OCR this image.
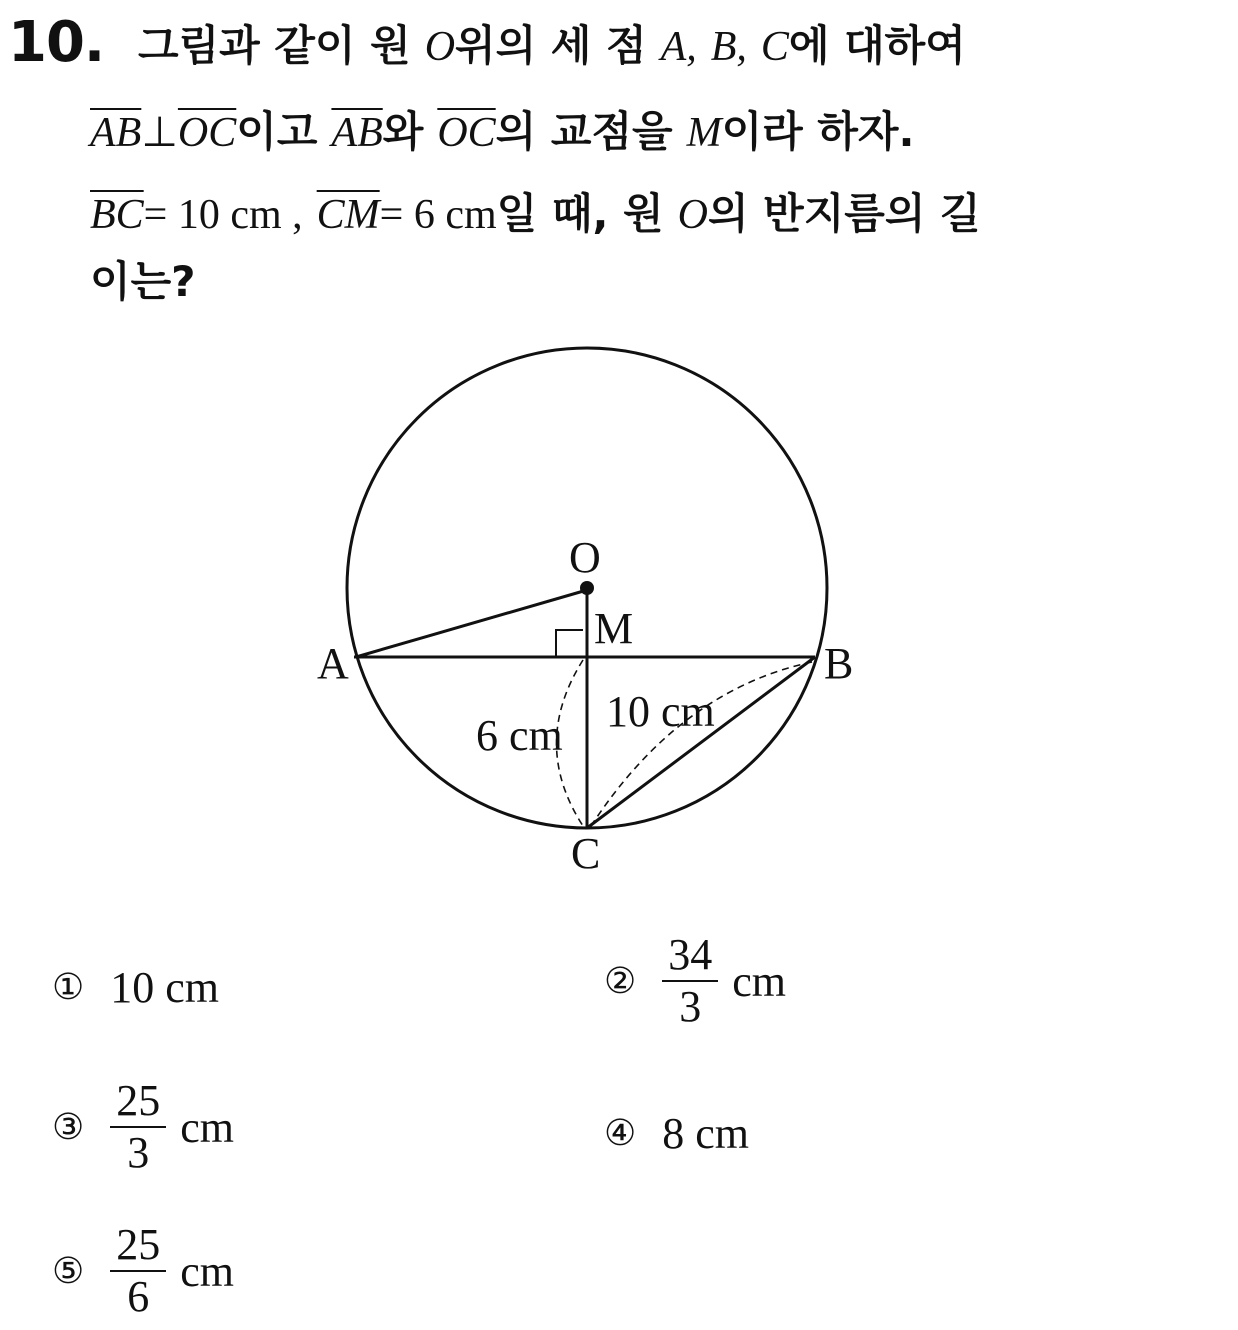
10. 그림과 같이 원 O위의 세 점 A, B, C에 대하여
$\overline{AB}\perp\overline{OC}$이고 $\overline{AB}$와 $\overline{OC}$의 교점을 M이라 하자.
$\overline{BC}= 10$ cm , $\overline{CM}= 6$ cm일 때, 원 O의 반지름의 길
이는?
O
M
A	B
C
6 cm 10 cm
① 10 cm	② $\frac{34}{3}$ cm
③ $\frac{25}{3}$ cm	④ 8 cm
⑤ $\frac{25}{6}$ cm
